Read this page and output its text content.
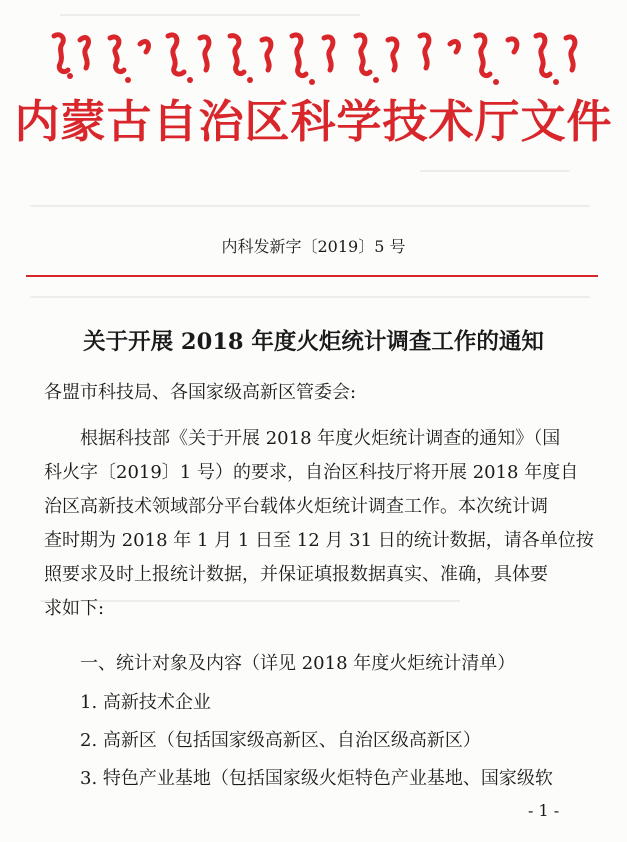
内蒙古自治区科学技术厅文件
内科发新字〔2019〕5 号
关于开展 2018 年度火炬统计调查工作的通知
各盟市科技局、各国家级高新区管委会:
根据科技部《关于开展 2018 年度火炬统计调查的通知》（国
科火字〔2019〕1 号）的要求，自治区科技厅将开展 2018 年度自
治区高新技术领域部分平台载体火炬统计调查工作。本次统计调
查时期为 2018 年 1 月 1 日至 12 月 31 日的统计数据，请各单位按
照要求及时上报统计数据，并保证填报数据真实、准确，具体要
求如下:
一、统计对象及内容（详见 2018 年度火炬统计清单）
1. 高新技术企业
2. 高新区（包括国家级高新区、自治区级高新区）
3. 特色产业基地（包括国家级火炬特色产业基地、国家级软
- 1 -
